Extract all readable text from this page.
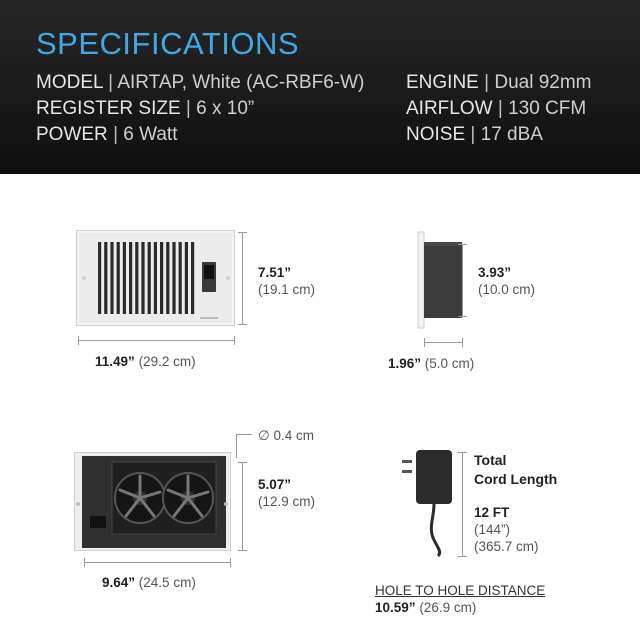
SPECIFICATIONS
MODEL | AIRTAP, White (AC-RBF6-W)
REGISTER SIZE | 6 x 10”
POWER | 6 Watt
ENGINE | Dual 92mm
AIRFLOW | 130 CFM
NOISE | 17 dBA
7.51”
(19.1 cm)
11.49” (29.2 cm)
3.93”
(10.0 cm)
1.96” (5.0 cm)
∅ 0.4 cm
5.07”
(12.9 cm)
9.64” (24.5 cm)
Total
Cord Length
12 FT
(144”)
(365.7 cm)
HOLE TO HOLE DISTANCE
10.59” (26.9 cm)
